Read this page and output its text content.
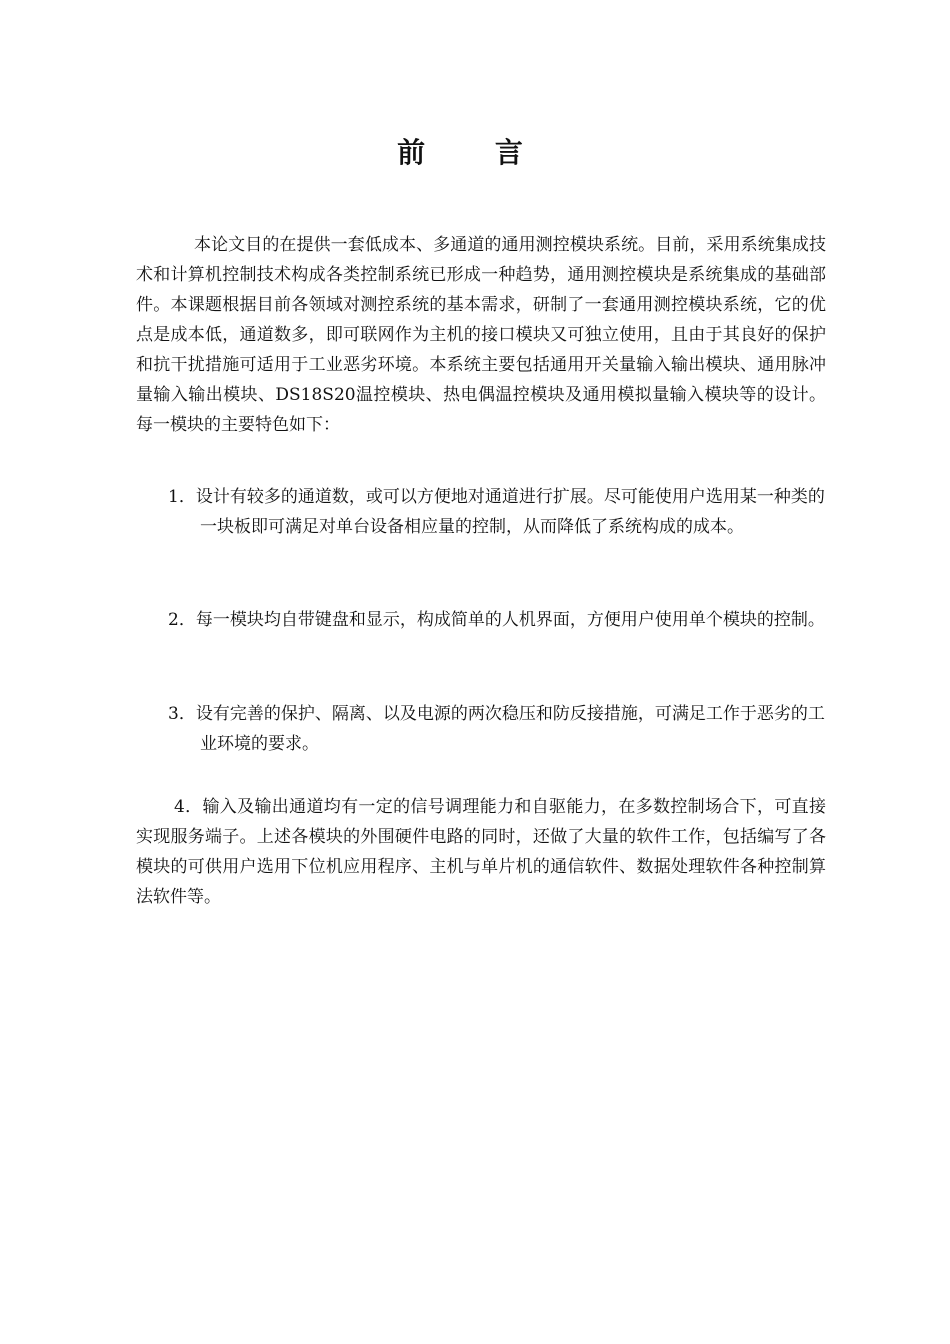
前 言

本论文目的在提供一套低成本、多通道的通用测控模块系统。目前，采用系统集成技术和计算机控制技术构成各类控制系统已形成一种趋势，通用测控模块是系统集成的基础部件。本课题根据目前各领域对测控系统的基本需求，研制了一套通用测控模块系统，它的优点是成本低，通道数多，即可联网作为主机的接口模块又可独立使用，且由于其良好的保护和抗干扰措施可适用于工业恶劣环境。本系统主要包括通用开关量输入输出模块、通用脉冲量输入输出模块、DS18S20温控模块、热电偶温控模块及通用模拟量输入模块等的设计。每一模块的主要特色如下：

1．设计有较多的通道数，或可以方便地对通道进行扩展。尽可能使用户选用某一种类的一块板即可满足对单台设备相应量的控制，从而降低了系统构成的成本。

2．每一模块均自带键盘和显示，构成简单的人机界面，方便用户使用单个模块的控制。

3．设有完善的保护、隔离、以及电源的两次稳压和防反接措施，可满足工作于恶劣的工业环境的要求。

4．输入及输出通道均有一定的信号调理能力和自驱能力，在多数控制场合下，可直接实现服务端子。上述各模块的外围硬件电路的同时，还做了大量的软件工作，包括编写了各模块的可供用户选用下位机应用程序、主机与单片机的通信软件、数据处理软件各种控制算法软件等。
